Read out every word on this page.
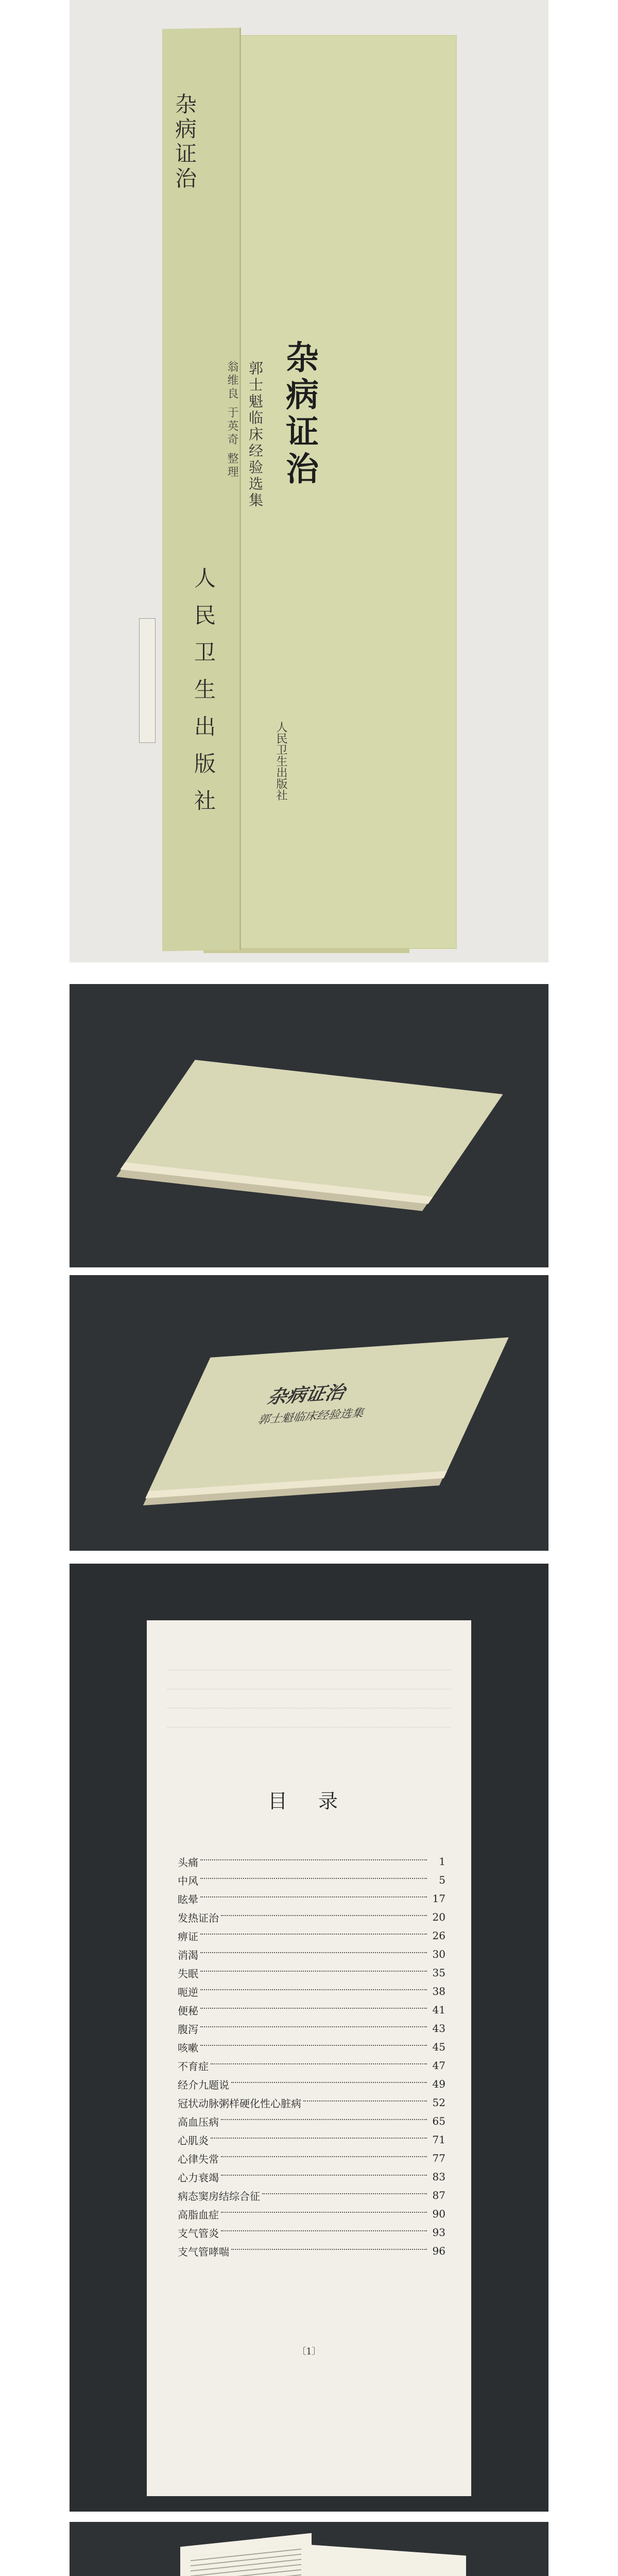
杂病证治
人民卫生出版社
杂病证治
郭士魁临床经验选集
翁维良 于英奇 整理
人民卫生出版社
杂病证治
郭士魁临床经验选集
目 录
头痛	1
中风	5
眩晕	17
发热证治	20
痹证	26
消渴	30
失眠	35
呃逆	38
便秘	41
腹泻	43
咳嗽	45
不育症	47
经介九题说	49
冠状动脉粥样硬化性心脏病	52
高血压病	65
心肌炎	71
心律失常	77
心力衰竭	83
病态窦房结综合征	87
高脂血症	90
支气管炎	93
支气管哮喘	96
〔1〕
